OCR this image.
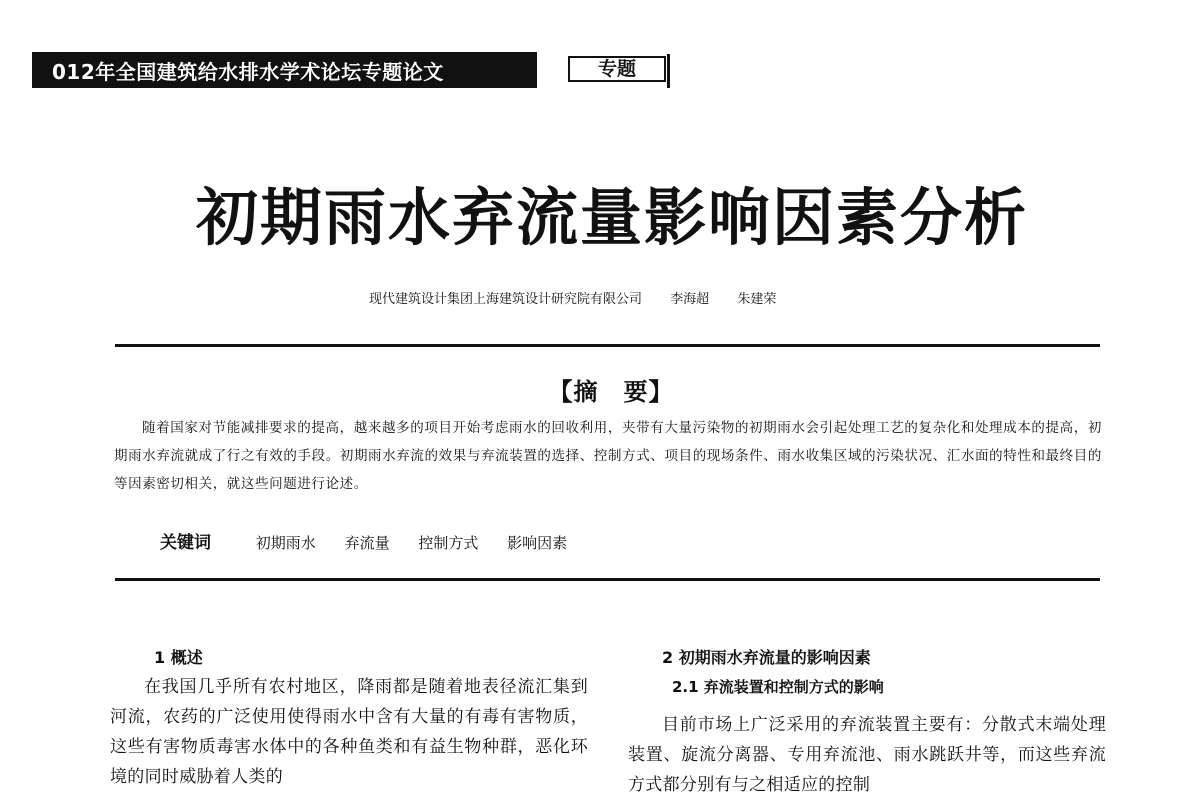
012年全国建筑给水排水学术论坛专题论文	专题
初期雨水弃流量影响因素分析
现代建筑设计集团上海建筑设计研究院有限公司 李海超 朱建荣
【摘　要】
随着国家对节能减排要求的提高，越来越多的项目开始考虑雨水的回收利用，夹带有大量污染物的初期雨水会引起处理工艺的复杂化和处理成本的提高，初期雨水弃流就成了行之有效的手段。初期雨水弃流的效果与弃流装置的选择、控制方式、项目的现场条件、雨水收集区域的污染状况、汇水面的特性和最终目的等因素密切相关，就这些问题进行论述。
关键词	初期雨水 弃流量 控制方式 影响因素
1 概述

在我国几乎所有农村地区，降雨都是随着地表径流汇集到河流，农药的广泛使用使得雨水中含有大量的有毒有害物质，这些有害物质毒害水体中的各种鱼类和有益生物种群，恶化环境的同时威胁着人类的

2 初期雨水弃流量的影响因素
2.1 弃流装置和控制方式的影响

目前市场上广泛采用的弃流装置主要有：分散式末端处理装置、旋流分离器、专用弃流池、雨水跳跃井等，而这些弃流方式都分别有与之相适应的控制
